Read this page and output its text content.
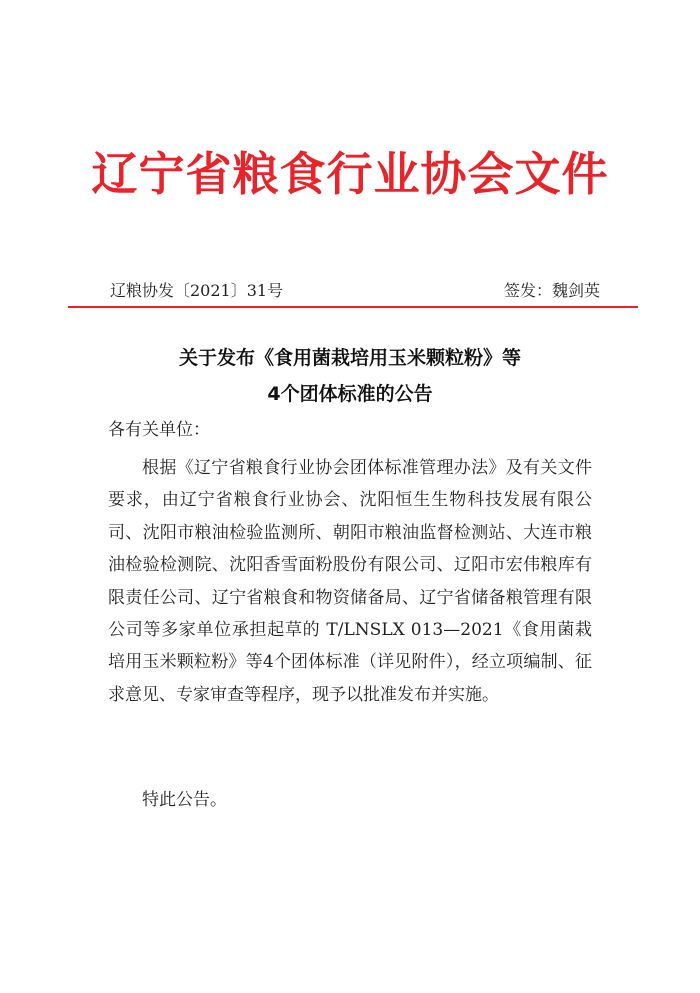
辽宁省粮食行业协会文件
辽粮协发〔2021〕31号	签发：魏剑英
关于发布《食用菌栽培用玉米颗粒粉》等
4个团体标准的公告
各有关单位：
根据《辽宁省粮食行业协会团体标准管理办法》及有关文件要求，由辽宁省粮食行业协会、沈阳恒生生物科技发展有限公司、沈阳市粮油检验监测所、朝阳市粮油监督检测站、大连市粮油检验检测院、沈阳香雪面粉股份有限公司、辽阳市宏伟粮库有限责任公司、辽宁省粮食和物资储备局、辽宁省储备粮管理有限公司等多家单位承担起草的 T/LNSLX 013—2021《食用菌栽培用玉米颗粒粉》等4个团体标准（详见附件），经立项编制、征求意见、专家审查等程序，现予以批准发布并实施。
特此公告。
